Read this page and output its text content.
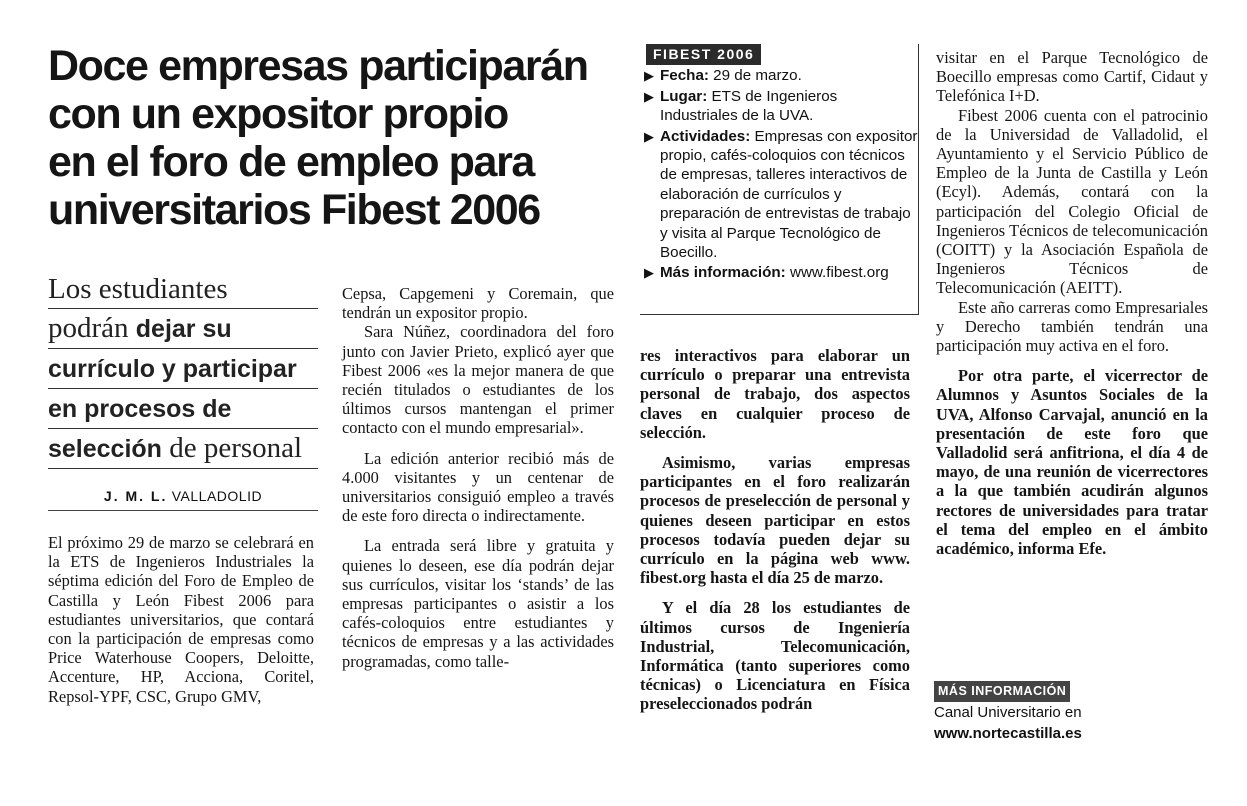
Doce empresas participarán
con un expositor propio
en el foro de empleo para
universitarios Fibest 2006
Los estudiantes
podrán dejar su
currículo y participar
en procesos de
selección de personal
J. M. L. VALLADOLID

El próximo 29 de marzo se celebrará en la ETS de Ingenieros Industriales la séptima edición del Foro de Empleo de Castilla y León Fibest 2006 para estudiantes universitarios, que contará con la participación de empresas como Price Waterhouse Coopers, Deloitte, Accenture, HP, Acciona, Coritel, Repsol-YPF, CSC, Grupo GMV,

Cepsa, Capgemeni y Coremain, que tendrán un expositor propio.

Sara Núñez, coordinadora del foro junto con Javier Prieto, explicó ayer que Fibest 2006 «es la mejor manera de que recién titulados o estudiantes de los últimos cursos mantengan el primer contacto con el mundo empresarial».

La edición anterior recibió más de 4.000 visitantes y un centenar de universitarios consiguió empleo a través de este foro directa o indirectamente.

La entrada será libre y gratuita y quienes lo deseen, ese día podrán dejar sus currículos, visitar los ‘stands’ de las empresas participantes o asistir a los cafés-coloquios entre estudiantes y técnicos de empresas y a las actividades programadas, como talle-

FIBEST 2006
▶ Fecha: 29 de marzo.
▶ Lugar: ETS de Ingenieros Industriales de la UVA.
▶ Actividades: Empresas con expositor propio, cafés-coloquios con técnicos de empresas, talleres interactivos de elaboración de currículos y preparación de entrevistas de trabajo y visita al Parque Tecnológico de Boecillo.
▶ Más información: www.fibest.org

res interactivos para elaborar un currículo o preparar una entrevista personal de trabajo, dos aspectos claves en cualquier proceso de selección.

Asimismo, varias empresas participantes en el foro realizarán procesos de preselección de personal y quienes deseen participar en estos procesos todavía pueden dejar su currículo en la página web www. fibest.org hasta el día 25 de marzo.

Y el día 28 los estudiantes de últimos cursos de Ingeniería Industrial, Telecomunicación, Informática (tanto superiores como técnicas) o Licenciatura en Física preseleccionados podrán

visitar en el Parque Tecnológico de Boecillo empresas como Cartif, Cidaut y Telefónica I+D.

Fibest 2006 cuenta con el patrocinio de la Universidad de Valladolid, el Ayuntamiento y el Servicio Público de Empleo de la Junta de Castilla y León (Ecyl). Además, contará con la participación del Colegio Oficial de Ingenieros Técnicos de telecomunicación (COITT) y la Asociación Española de Ingenieros Técnicos de Telecomunicación (AEITT).

Este año carreras como Empresariales y Derecho también tendrán una participación muy activa en el foro.

Por otra parte, el vicerrector de Alumnos y Asuntos Sociales de la UVA, Alfonso Carvajal, anunció en la presentación de este foro que Valladolid será anfitriona, el día 4 de mayo, de una reunión de vicerrectores a la que también acudirán algunos rectores de universidades para tratar el tema del empleo en el ámbito académico, informa Efe.

MÁS INFORMACIÓN
Canal Universitario en
www.nortecastilla.es
